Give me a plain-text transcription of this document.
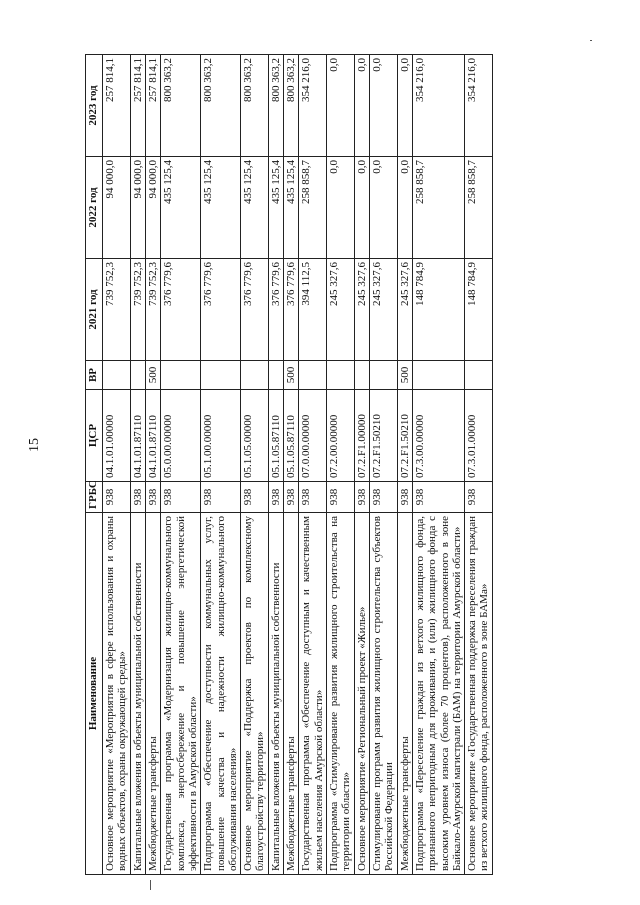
15
Наименование	ГРБС	ЦСР	ВР	2021 год	2022 год	2023 год
Основное мероприятие «Мероприятия в сфере использования и охраны водных объектов, охраны окружающей среды»	938	04.1.01.00000		739 752,3	94 000,0	257 814,1
Капитальные вложения в объекты муниципальной собственности	938	04.1.01.87110		739 752,3	94 000,0	257 814,1
Межбюджетные трансферты	938	04.1.01.87110	500	739 752,3	94 000,0	257 814,1
Государственная программа «Модернизация жилищно-коммунального комплекса, энергосбережение и повышение энергетической эффективности в Амурской области»	938	05.0.00.00000		376 779,6	435 125,4	800 363,2
Подпрограмма «Обеспечение доступности коммунальных услуг, повышение качества и надежности жилищно-коммунального обслуживания населения»	938	05.1.00.00000		376 779,6	435 125,4	800 363,2
Основное мероприятие «Поддержка проектов по комплексному благоустройству территории»	938	05.1.05.00000		376 779,6	435 125,4	800 363,2
Капитальные вложения в объекты муниципальной собственности	938	05.1.05.87110		376 779,6	435 125,4	800 363,2
Межбюджетные трансферты	938	05.1.05.87110	500	376 779,6	435 125,4	800 363,2
Государственная программа «Обеспечение доступным и качественным жильем населения Амурской области»	938	07.0.00.00000		394 112,5	258 858,7	354 216,0
Подпрограмма «Стимулирование развития жилищного строительства на территории области»	938	07.2.00.00000		245 327,6	0,0	0,0
Основное мероприятие «Региональный проект «Жилье»	938	07.2.F1.00000		245 327,6	0,0	0,0
Стимулирование программ развития жилищного строительства субъектов Российской Федерации	938	07.2.F1.50210		245 327,6	0,0	0,0
Межбюджетные трансферты	938	07.2.F1.50210	500	245 327,6	0,0	0,0
Подпрограмма «Переселение граждан из ветхого жилищного фонда, признанного непригодным для проживания, и (или) жилищного фонда с высоким уровнем износа (более 70 процентов), расположенного в зоне Байкало-Амурской магистрали (БАМ) на территории Амурской области»	938	07.3.00.00000		148 784,9	258 858,7	354 216,0
Основное мероприятие «Государственная поддержка переселения граждан из ветхого жилищного фонда, расположенного в зоне БАМа»	938	07.3.01.00000		148 784,9	258 858,7	354 216,0
